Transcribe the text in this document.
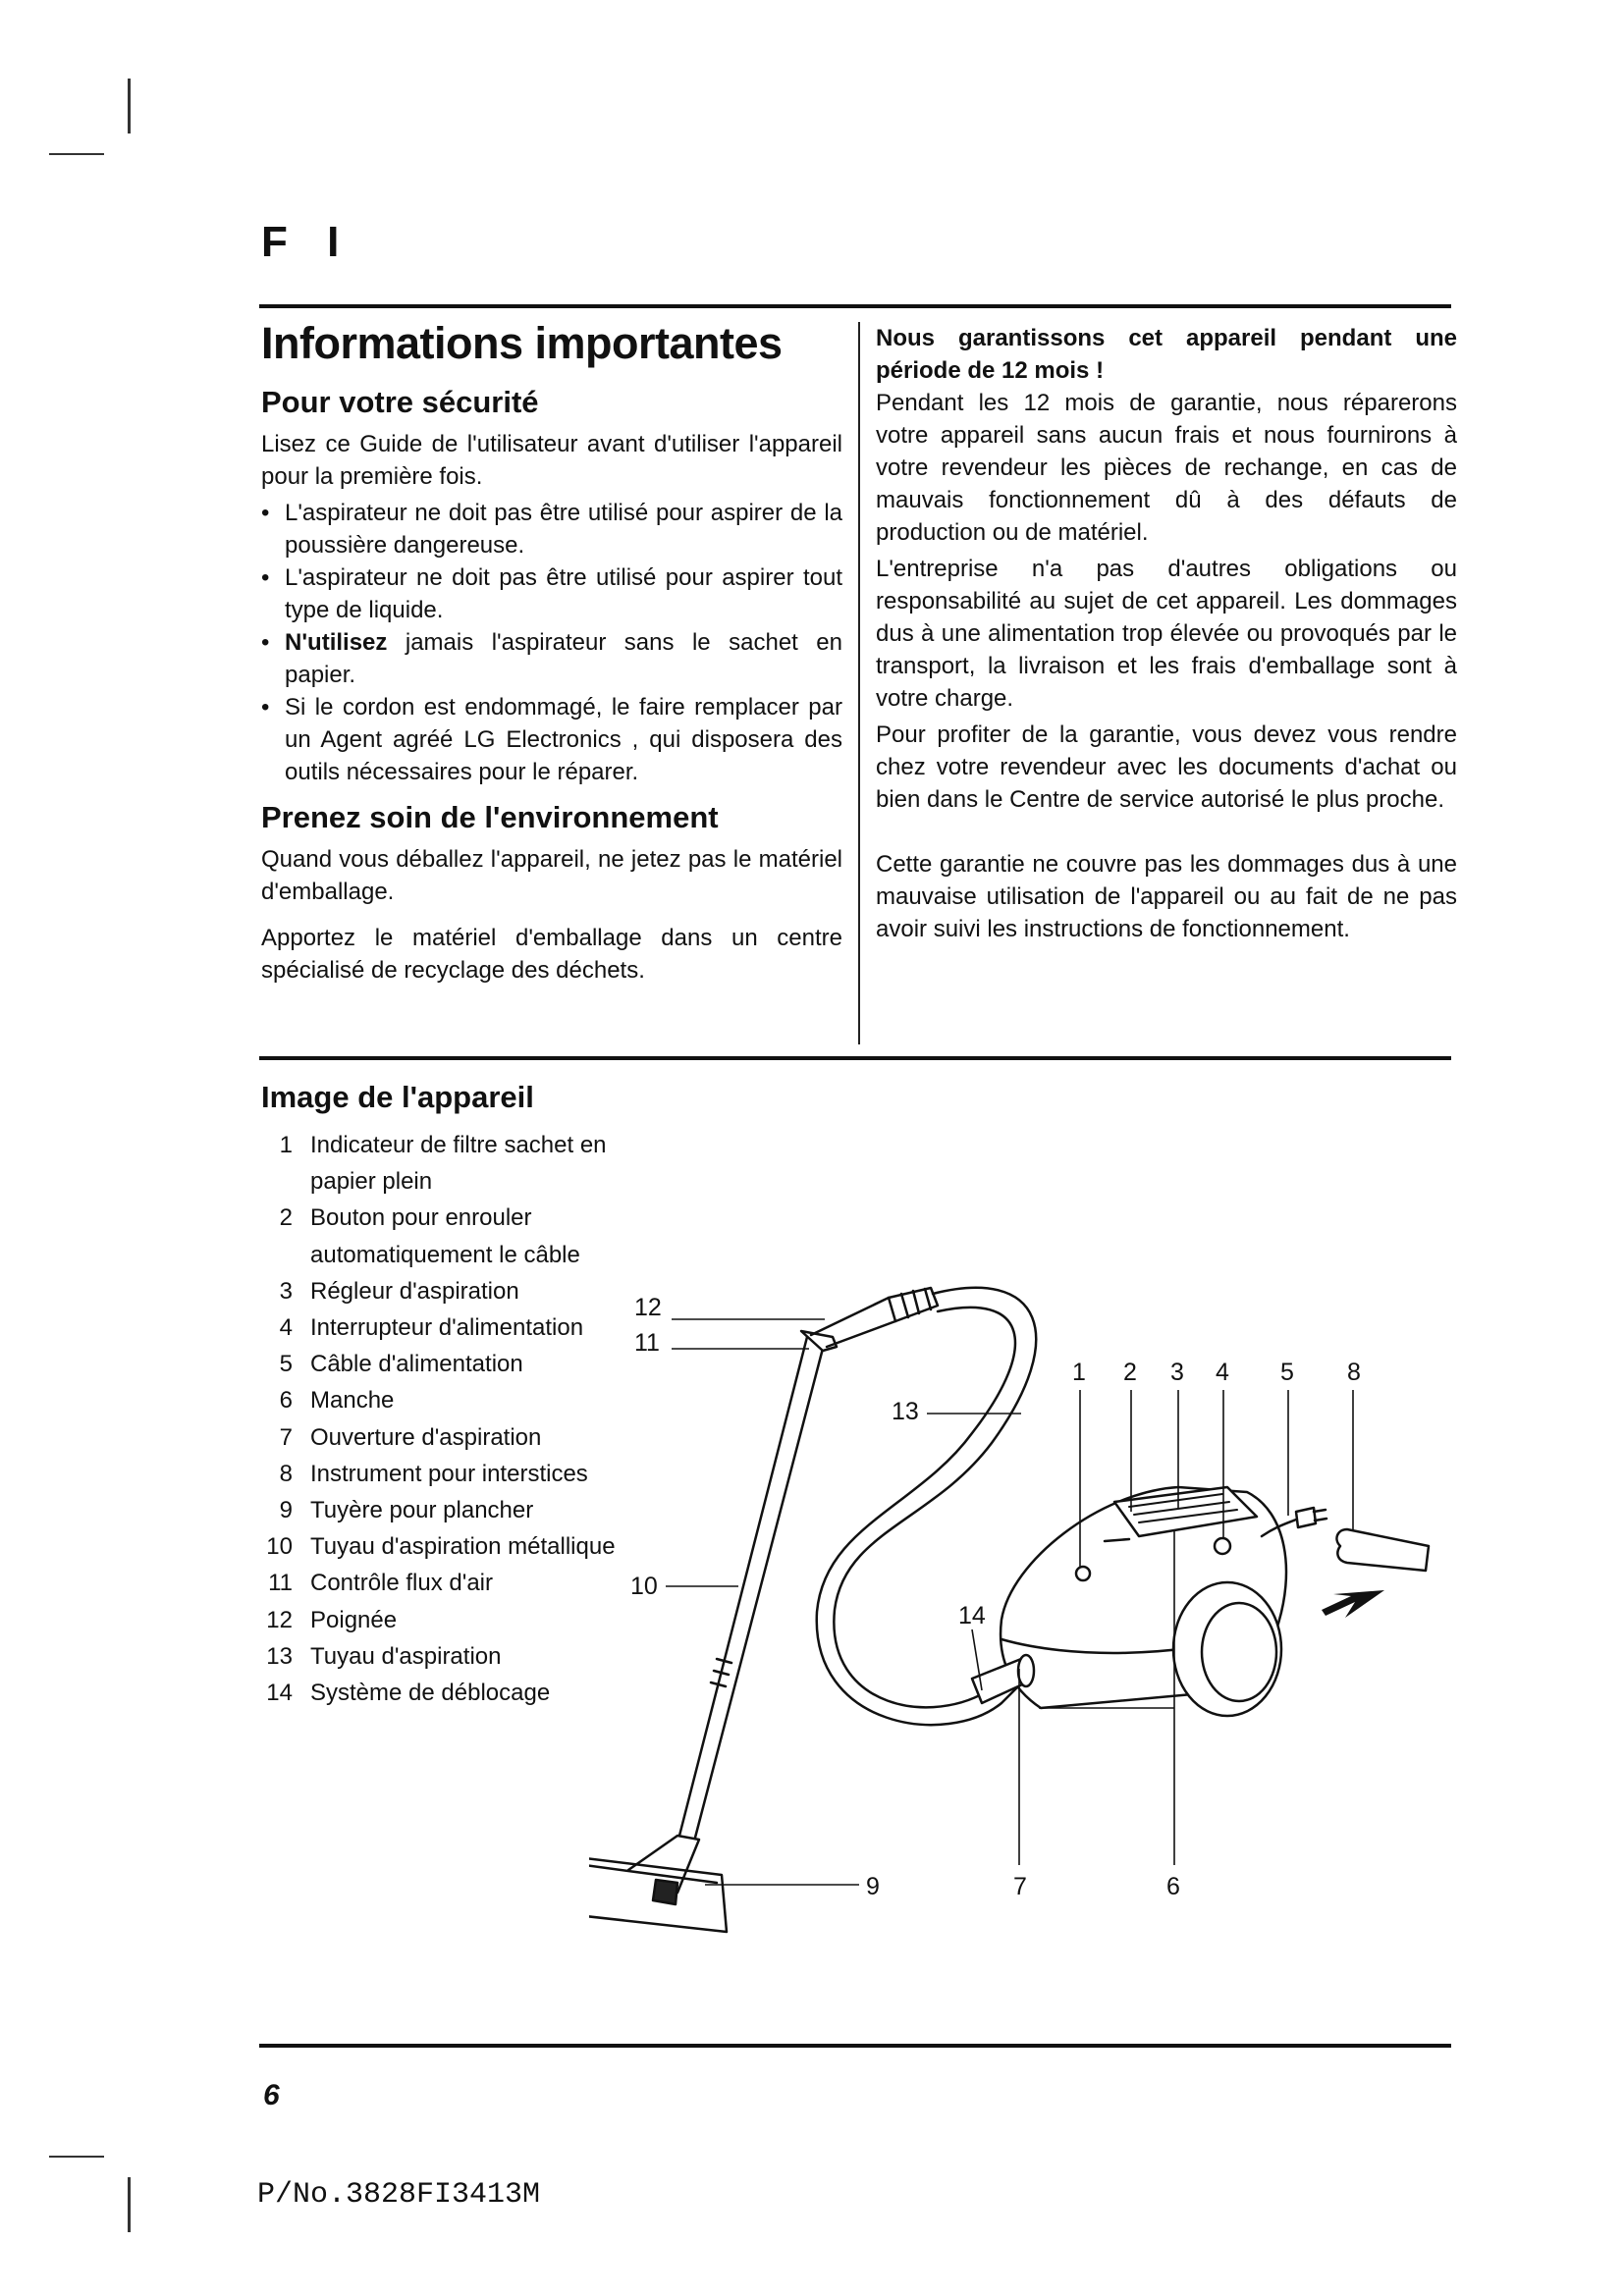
F I
Informations importantes
Pour votre sécurité

Lisez ce Guide de l'utilisateur avant d'utiliser l'appareil pour la première fois.

• L'aspirateur ne doit pas être utilisé pour aspirer de la poussière dangereuse.
• L'aspirateur ne doit pas être utilisé pour aspirer tout type de liquide.
• N'utilisez jamais l'aspirateur sans le sachet en papier.
• Si le cordon est endommagé, le faire remplacer par un Agent agréé LG Electronics , qui disposera des outils nécessaires pour le réparer.
Prenez soin de l'environnement

Quand vous déballez l'appareil, ne jetez pas le matériel d'emballage.

Apportez le matériel d'emballage dans un centre spécialisé de recyclage des déchets.

Nous garantissons cet appareil pendant une période de 12 mois !

Pendant les 12 mois de garantie, nous réparerons votre appareil sans aucun frais et nous fournirons à votre revendeur les pièces de rechange, en cas de mauvais fonctionnement dû à des défauts de production ou de matériel.

L'entreprise n'a pas d'autres obligations ou responsabilité au sujet de cet appareil. Les dommages dus à une alimentation trop élevée ou provoqués par le transport, la livraison et les frais d'emballage sont à votre charge.

Pour profiter de la garantie, vous devez vous rendre chez votre revendeur avec les documents d'achat ou bien dans le Centre de service autorisé le plus proche.

Cette garantie ne couvre pas les dommages dus à une mauvaise utilisation de l'appareil ou au fait de ne pas avoir suivi les instructions de fonctionnement.

Image de l'appareil
1 Indicateur de filtre sachet en papier plein
2 Bouton pour enrouler automatiquement le câble
3 Régleur d'aspiration
4 Interrupteur d'alimentation
5 Câble d'alimentation
6 Manche
7 Ouverture d'aspiration
8 Instrument pour interstices
9 Tuyère pour plancher
10 Tuyau d'aspiration métallique
11 Contrôle flux d'air
12 Poignée
13 Tuyau d'aspiration
14 Système de déblocage
12
11
13
1 2 3 4 5 8
10
14
9	7	6

6

P/No.3828FI3413M
